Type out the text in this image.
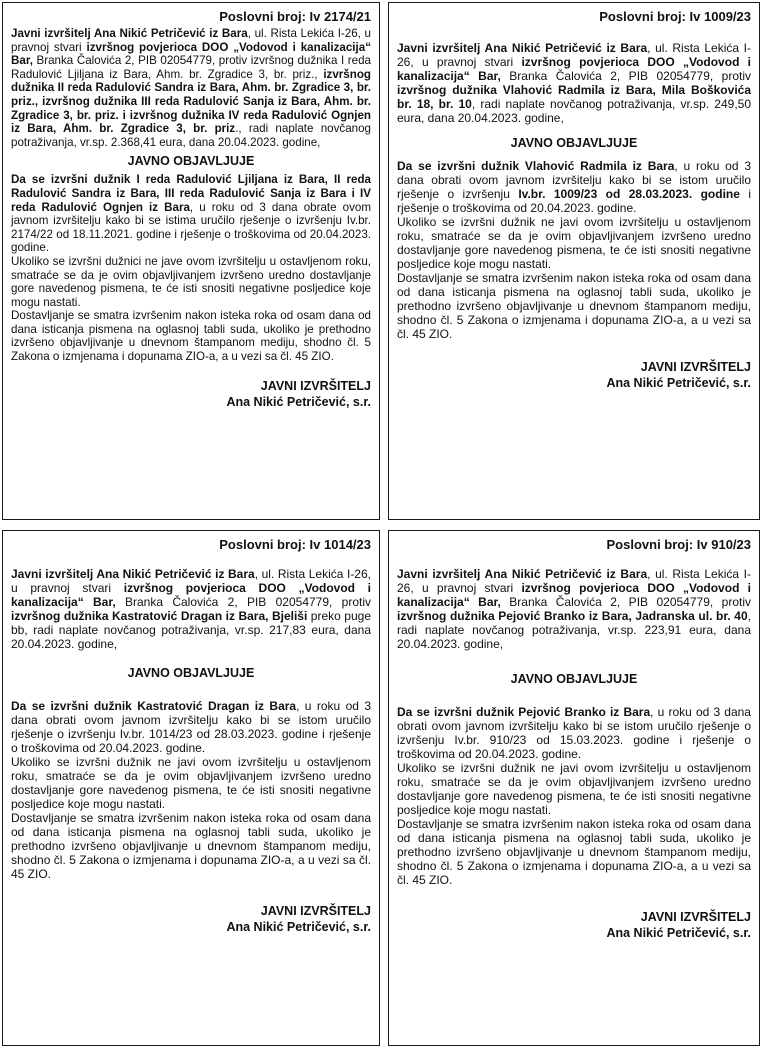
Poslovni broj: Iv 2174/21

Javni izvršitelj Ana Nikić Petričević iz Bara, ul. Rista Lekića I-26, u pravnoj stvari izvršnog povjerioca DOO „Vodovod i kanalizacija“ Bar, Branka Čalovića 2, PIB 02054779, protiv izvršnog dužnika I reda Radulović Ljiljana iz Bara, Ahm. br. Zgradice 3, br. priz., izvršnog dužnika II reda Radulović Sandra iz Bara, Ahm. br. Zgradice 3, br. priz., izvršnog dužnika III reda Radulović Sanja iz Bara, Ahm. br. Zgradice 3, br. priz. i izvršnog dužnika IV reda Radulović Ognjen iz Bara, Ahm. br. Zgradice 3, br. priz., radi naplate novčanog potraživanja, vr.sp. 2.368,41 eura, dana 20.04.2023. godine,

JAVNO OBJAVLJUJE

Da se izvršni dužnik I reda Radulović Ljiljana iz Bara, II reda Radulović Sandra iz Bara, III reda Radulović Sanja iz Bara i IV reda Radulović Ognjen iz Bara, u roku od 3 dana obrate ovom javnom izvršitelju kako bi se istima uručilo rješenje o izvršenju Iv.br. 2174/22 od 18.11.2021. godine i rješenje o troškovima od 20.04.2023. godine.

Ukoliko se izvršni dužnici ne jave ovom izvršitelju u ostavljenom roku, smatraće se da je ovim objavljivanjem izvršeno uredno dostavljanje gore navedenog pismena, te će isti snositi negativne posljedice koje mogu nastati.

Dostavljanje se smatra izvršenim nakon isteka roka od osam dana od dana isticanja pismena na oglasnoj tabli suda, ukoliko je prethodno izvršeno objavljivanje u dnevnom štampanom mediju, shodno čl. 5 Zakona o izmjenama i dopunama ZIO-a, a u vezi sa čl. 45 ZIO.

JAVNI IZVRŠITELJ
Ana Nikić Petričević, s.r.
Poslovni broj: Iv 1009/23

Javni izvršitelj Ana Nikić Petričević iz Bara, ul. Rista Lekića I-26, u pravnoj stvari izvršnog povjerioca DOO „Vodovod i kanalizacija“ Bar, Branka Čalovića 2, PIB 02054779, protiv izvršnog dužnika Vlahović Radmila iz Bara, Mila Boškovića br. 18, br. 10, radi naplate novčanog potraživanja, vr.sp. 249,50 eura, dana 20.04.2023. godine,

JAVNO OBJAVLJUJE

Da se izvršni dužnik Vlahović Radmila iz Bara, u roku od 3 dana obrati ovom javnom izvršitelju kako bi se istom uručilo rješenje o izvršenju Iv.br. 1009/23 od 28.03.2023. godine i rješenje o troškovima od 20.04.2023. godine.

Ukoliko se izvršni dužnik ne javi ovom izvršitelju u ostavljenom roku, smatraće se da je ovim objavljivanjem izvršeno uredno dostavljanje gore navedenog pismena, te će isti snositi negativne posljedice koje mogu nastati.

Dostavljanje se smatra izvršenim nakon isteka roka od osam dana od dana isticanja pismena na oglasnoj tabli suda, ukoliko je prethodno izvršeno objavljivanje u dnevnom štampanom mediju, shodno čl. 5 Zakona o izmjenama i dopunama ZIO-a, a u vezi sa čl. 45 ZIO.

JAVNI IZVRŠITELJ
Ana Nikić Petričević, s.r.
Poslovni broj: Iv 1014/23

Javni izvršitelj Ana Nikić Petričević iz Bara, ul. Rista Lekića I-26, u pravnoj stvari izvršnog povjerioca DOO „Vodovod i kanalizacija“ Bar, Branka Čalovića 2, PIB 02054779, protiv izvršnog dužnika Kastratović Dragan iz Bara, Bjeliši preko puge bb, radi naplate novčanog potraživanja, vr.sp. 217,83 eura, dana 20.04.2023. godine,

JAVNO OBJAVLJUJE

Da se izvršni dužnik Kastratović Dragan iz Bara, u roku od 3 dana obrati ovom javnom izvršitelju kako bi se istom uručilo rješenje o izvršenju Iv.br. 1014/23 od 28.03.2023. godine i rješenje o troškovima od 20.04.2023. godine.

Ukoliko se izvršni dužnik ne javi ovom izvršitelju u ostavljenom roku, smatraće se da je ovim objavljivanjem izvršeno uredno dostavljanje gore navedenog pismena, te će isti snositi negativne posljedice koje mogu nastati.

Dostavljanje se smatra izvršenim nakon isteka roka od osam dana od dana isticanja pismena na oglasnoj tabli suda, ukoliko je prethodno izvršeno objavljivanje u dnevnom štampanom mediju, shodno čl. 5 Zakona o izmjenama i dopunama ZIO-a, a u vezi sa čl. 45 ZIO.

JAVNI IZVRŠITELJ
Ana Nikić Petričević, s.r.
Poslovni broj: Iv 910/23

Javni izvršitelj Ana Nikić Petričević iz Bara, ul. Rista Lekića I-26, u pravnoj stvari izvršnog povjerioca DOO „Vodovod i kanalizacija“ Bar, Branka Čalovića 2, PIB 02054779, protiv izvršnog dužnika Pejović Branko iz Bara, Jadranska ul. br. 40, radi naplate novčanog potraživanja, vr.sp. 223,91 eura, dana 20.04.2023. godine,

JAVNO OBJAVLJUJE

Da se izvršni dužnik Pejović Branko iz Bara, u roku od 3 dana obrati ovom javnom izvršitelju kako bi se istom uručilo rješenje o izvršenju Iv.br. 910/23 od 15.03.2023. godine i rješenje o troškovima od 20.04.2023. godine.

Ukoliko se izvršni dužnik ne javi ovom izvršitelju u ostavljenom roku, smatraće se da je ovim objavljivanjem izvršeno uredno dostavljanje gore navedenog pismena, te će isti snositi negativne posljedice koje mogu nastati.

Dostavljanje se smatra izvršenim nakon isteka roka od osam dana od dana isticanja pismena na oglasnoj tabli suda, ukoliko je prethodno izvršeno objavljivanje u dnevnom štampanom mediju, shodno čl. 5 Zakona o izmjenama i dopunama ZIO-a, a u vezi sa čl. 45 ZIO.

JAVNI IZVRŠITELJ
Ana Nikić Petričević, s.r.
